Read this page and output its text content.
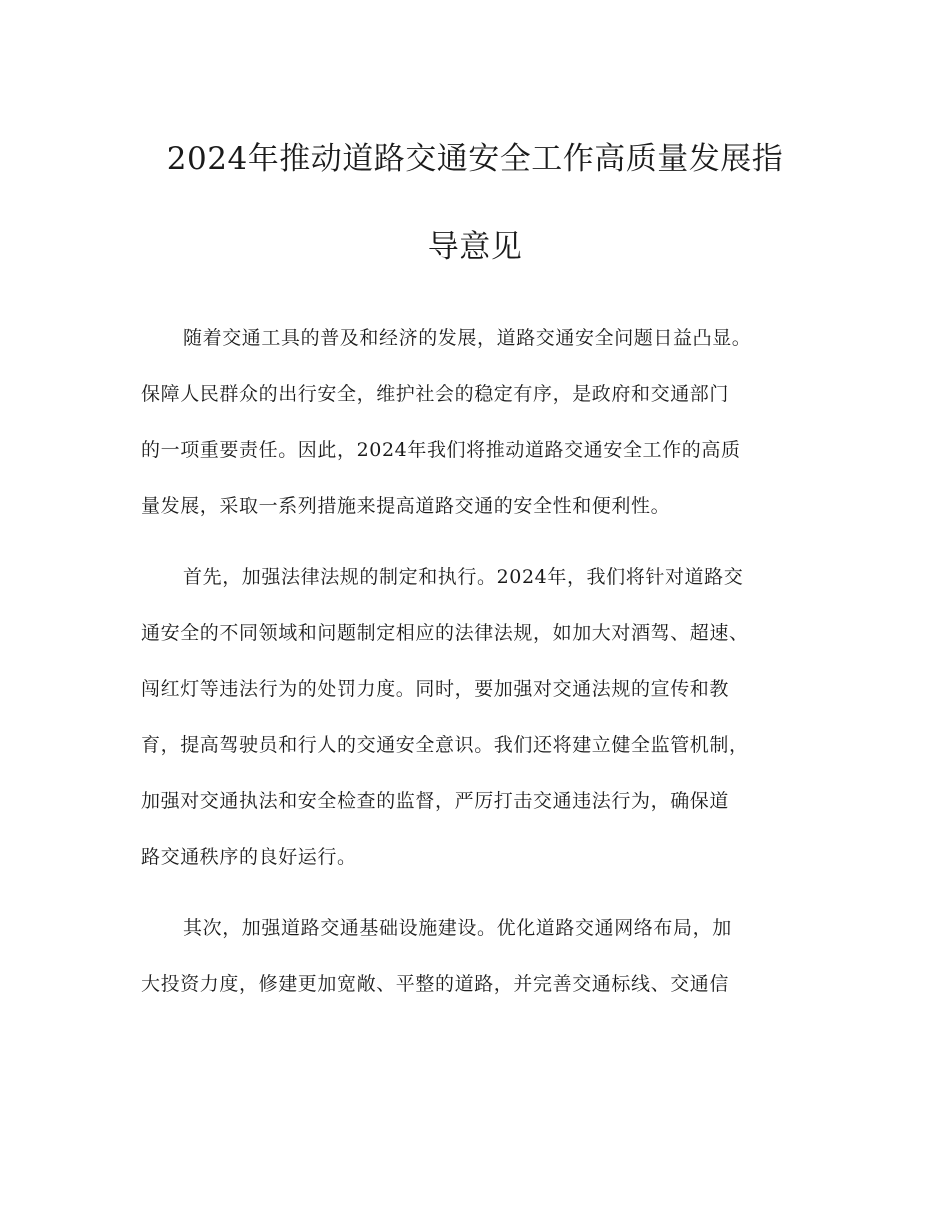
2024年推动道路交通安全工作高质量发展指
导意见
随着交通工具的普及和经济的发展，道路交通安全问题日益凸显。
保障人民群众的出行安全，维护社会的稳定有序，是政府和交通部门
的一项重要责任。因此，2024年我们将推动道路交通安全工作的高质
量发展，采取一系列措施来提高道路交通的安全性和便利性。
首先，加强法律法规的制定和执行。2024年，我们将针对道路交
通安全的不同领域和问题制定相应的法律法规，如加大对酒驾、超速、
闯红灯等违法行为的处罚力度。同时，要加强对交通法规的宣传和教
育，提高驾驶员和行人的交通安全意识。我们还将建立健全监管机制，
加强对交通执法和安全检查的监督，严厉打击交通违法行为，确保道
路交通秩序的良好运行。
其次，加强道路交通基础设施建设。优化道路交通网络布局，加
大投资力度，修建更加宽敞、平整的道路，并完善交通标线、交通信
